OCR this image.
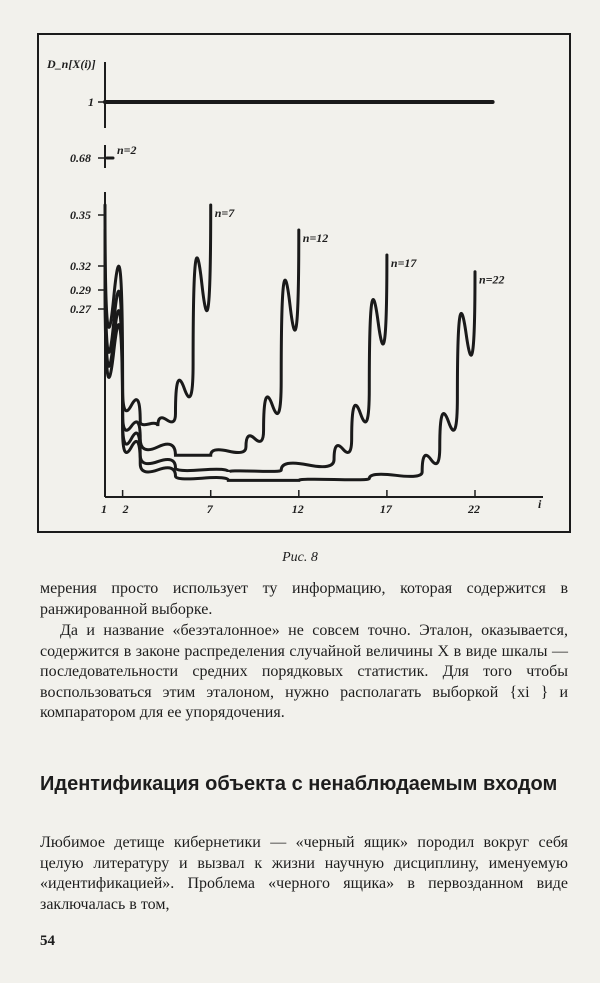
n=2
n=7
n=12
n=17
n=22
1 2	7	12	17	22
1
0.68
0.35
0.32
0.29
0.27
D_n[X(i)]
i
Рис. 8

мерения просто использует ту информацию, которая содержится в ранжированной выборке.

Да и название «безэталонное» не совсем точно. Эталон, оказывается, содержится в законе распределения случайной величины X в виде шкалы — последовательности средних порядковых статистик. Для того чтобы воспользоваться этим эталоном, нужно располагать выборкой {xi } и компаратором для ее упорядочения.

Идентификация объекта с ненаблюдаемым входом

Любимое детище кибернетики — «черный ящик» породил вокруг себя целую литературу и вызвал к жизни научную дисциплину, именуемую «идентификацией». Проблема «черного ящика» в первозданном виде заключалась в том,

54
